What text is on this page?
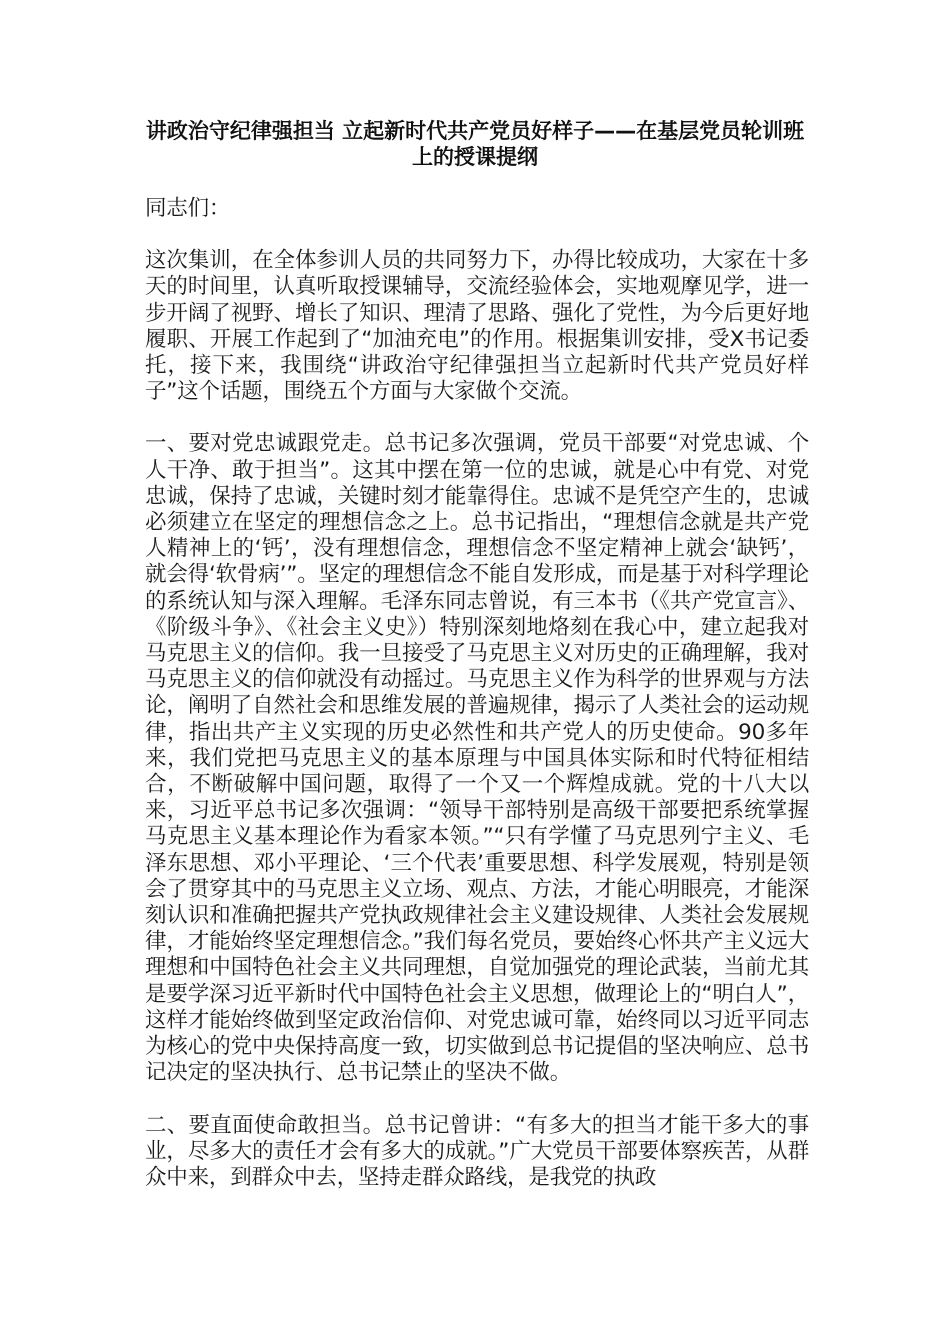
讲政治守纪律强担当 立起新时代共产党员好样子——在基层党员轮训班上的授课提纲

同志们：

这次集训，在全体参训人员的共同努力下，办得比较成功，大家在十多天的时间里，认真听取授课辅导，交流经验体会，实地观摩见学，进一步开阔了视野、增长了知识、理清了思路、强化了党性，为今后更好地履职、开展工作起到了“加油充电”的作用。根据集训安排，受X书记委托，接下来，我围绕“讲政治守纪律强担当立起新时代共产党员好样子”这个话题，围绕五个方面与大家做个交流。

一、要对党忠诚跟党走。总书记多次强调，党员干部要“对党忠诚、个人干净、敢于担当”。这其中摆在第一位的忠诚，就是心中有党、对党忠诚，保持了忠诚，关键时刻才能靠得住。忠诚不是凭空产生的，忠诚必须建立在坚定的理想信念之上。总书记指出，“理想信念就是共产党人精神上的‘钙’，没有理想信念，理想信念不坚定精神上就会‘缺钙’，就会得‘软骨病’”。坚定的理想信念不能自发形成，而是基于对科学理论的系统认知与深入理解。毛泽东同志曾说，有三本书（《共产党宣言》、《阶级斗争》、《社会主义史》）特别深刻地烙刻在我心中，建立起我对马克思主义的信仰。我一旦接受了马克思主义对历史的正确理解，我对马克思主义的信仰就没有动摇过。马克思主义作为科学的世界观与方法论，阐明了自然社会和思维发展的普遍规律，揭示了人类社会的运动规律，指出共产主义实现的历史必然性和共产党人的历史使命。90多年来，我们党把马克思主义的基本原理与中国具体实际和时代特征相结合，不断破解中国问题，取得了一个又一个辉煌成就。党的十八大以来，习近平总书记多次强调：“领导干部特别是高级干部要把系统掌握马克思主义基本理论作为看家本领。”“只有学懂了马克思列宁主义、毛泽东思想、邓小平理论、‘三个代表’重要思想、科学发展观，特别是领会了贯穿其中的马克思主义立场、观点、方法，才能心明眼亮，才能深刻认识和准确把握共产党执政规律社会主义建设规律、人类社会发展规律，才能始终坚定理想信念。”我们每名党员，要始终心怀共产主义远大理想和中国特色社会主义共同理想，自觉加强党的理论武装，当前尤其是要学深习近平新时代中国特色社会主义思想，做理论上的“明白人”，这样才能始终做到坚定政治信仰、对党忠诚可靠，始终同以习近平同志为核心的党中央保持高度一致，切实做到总书记提倡的坚决响应、总书记决定的坚决执行、总书记禁止的坚决不做。

二、要直面使命敢担当。总书记曾讲：“有多大的担当才能干多大的事业，尽多大的责任才会有多大的成就。”广大党员干部要体察疾苦，从群众中来，到群众中去，坚持走群众路线，是我党的执政
